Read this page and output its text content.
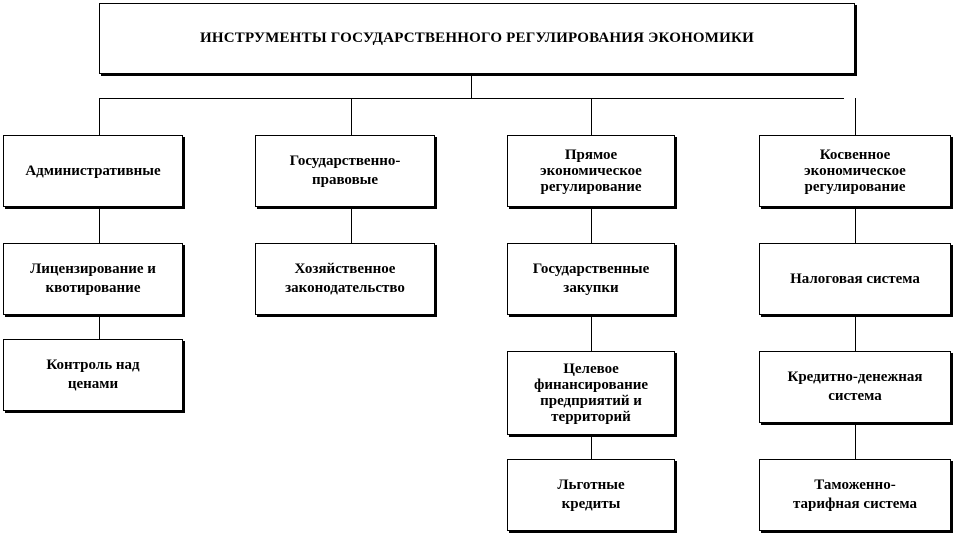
ИНСТРУМЕНТЫ ГОСУДАРСТВЕННОГО РЕГУЛИРОВАНИЯ ЭКОНОМИКИ
Административные
Лицензирование и
квотирование
Контроль над
ценами
Государственно-
правовые
Хозяйственное
законодательство
Прямое
экономическое
регулирование
Государственные
закупки
Целевое
финансирование
предприятий и
территорий
Льготные
кредиты
Косвенное
экономическое
регулирование
Налоговая система
Кредитно-денежная
система
Таможенно-
тарифная система
